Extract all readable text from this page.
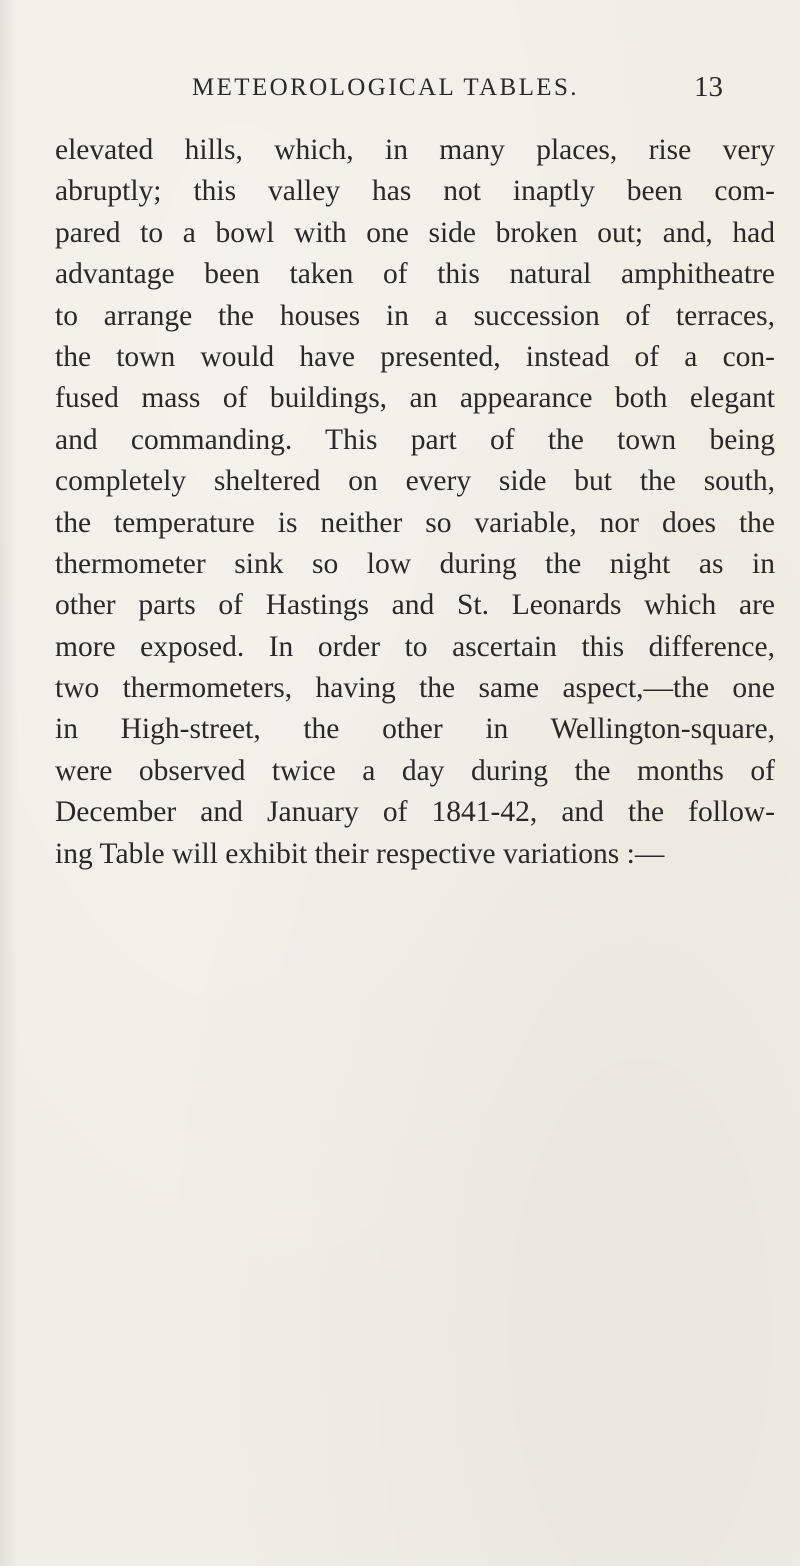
METEOROLOGICAL TABLES.	13
elevated hills, which, in many places, rise very
abruptly; this valley has not inaptly been com-
pared to a bowl with one side broken out; and, had
advantage been taken of this natural amphitheatre
to arrange the houses in a succession of terraces,
the town would have presented, instead of a con-
fused mass of buildings, an appearance both elegant
and commanding. This part of the town being
completely sheltered on every side but the south,
the temperature is neither so variable, nor does the
thermometer sink so low during the night as in
other parts of Hastings and St. Leonards which are
more exposed. In order to ascertain this difference,
two thermometers, having the same aspect,—the one
in High-street, the other in Wellington-square,
were observed twice a day during the months of
December and January of 1841-42, and the follow-
ing Table will exhibit their respective variations :—
